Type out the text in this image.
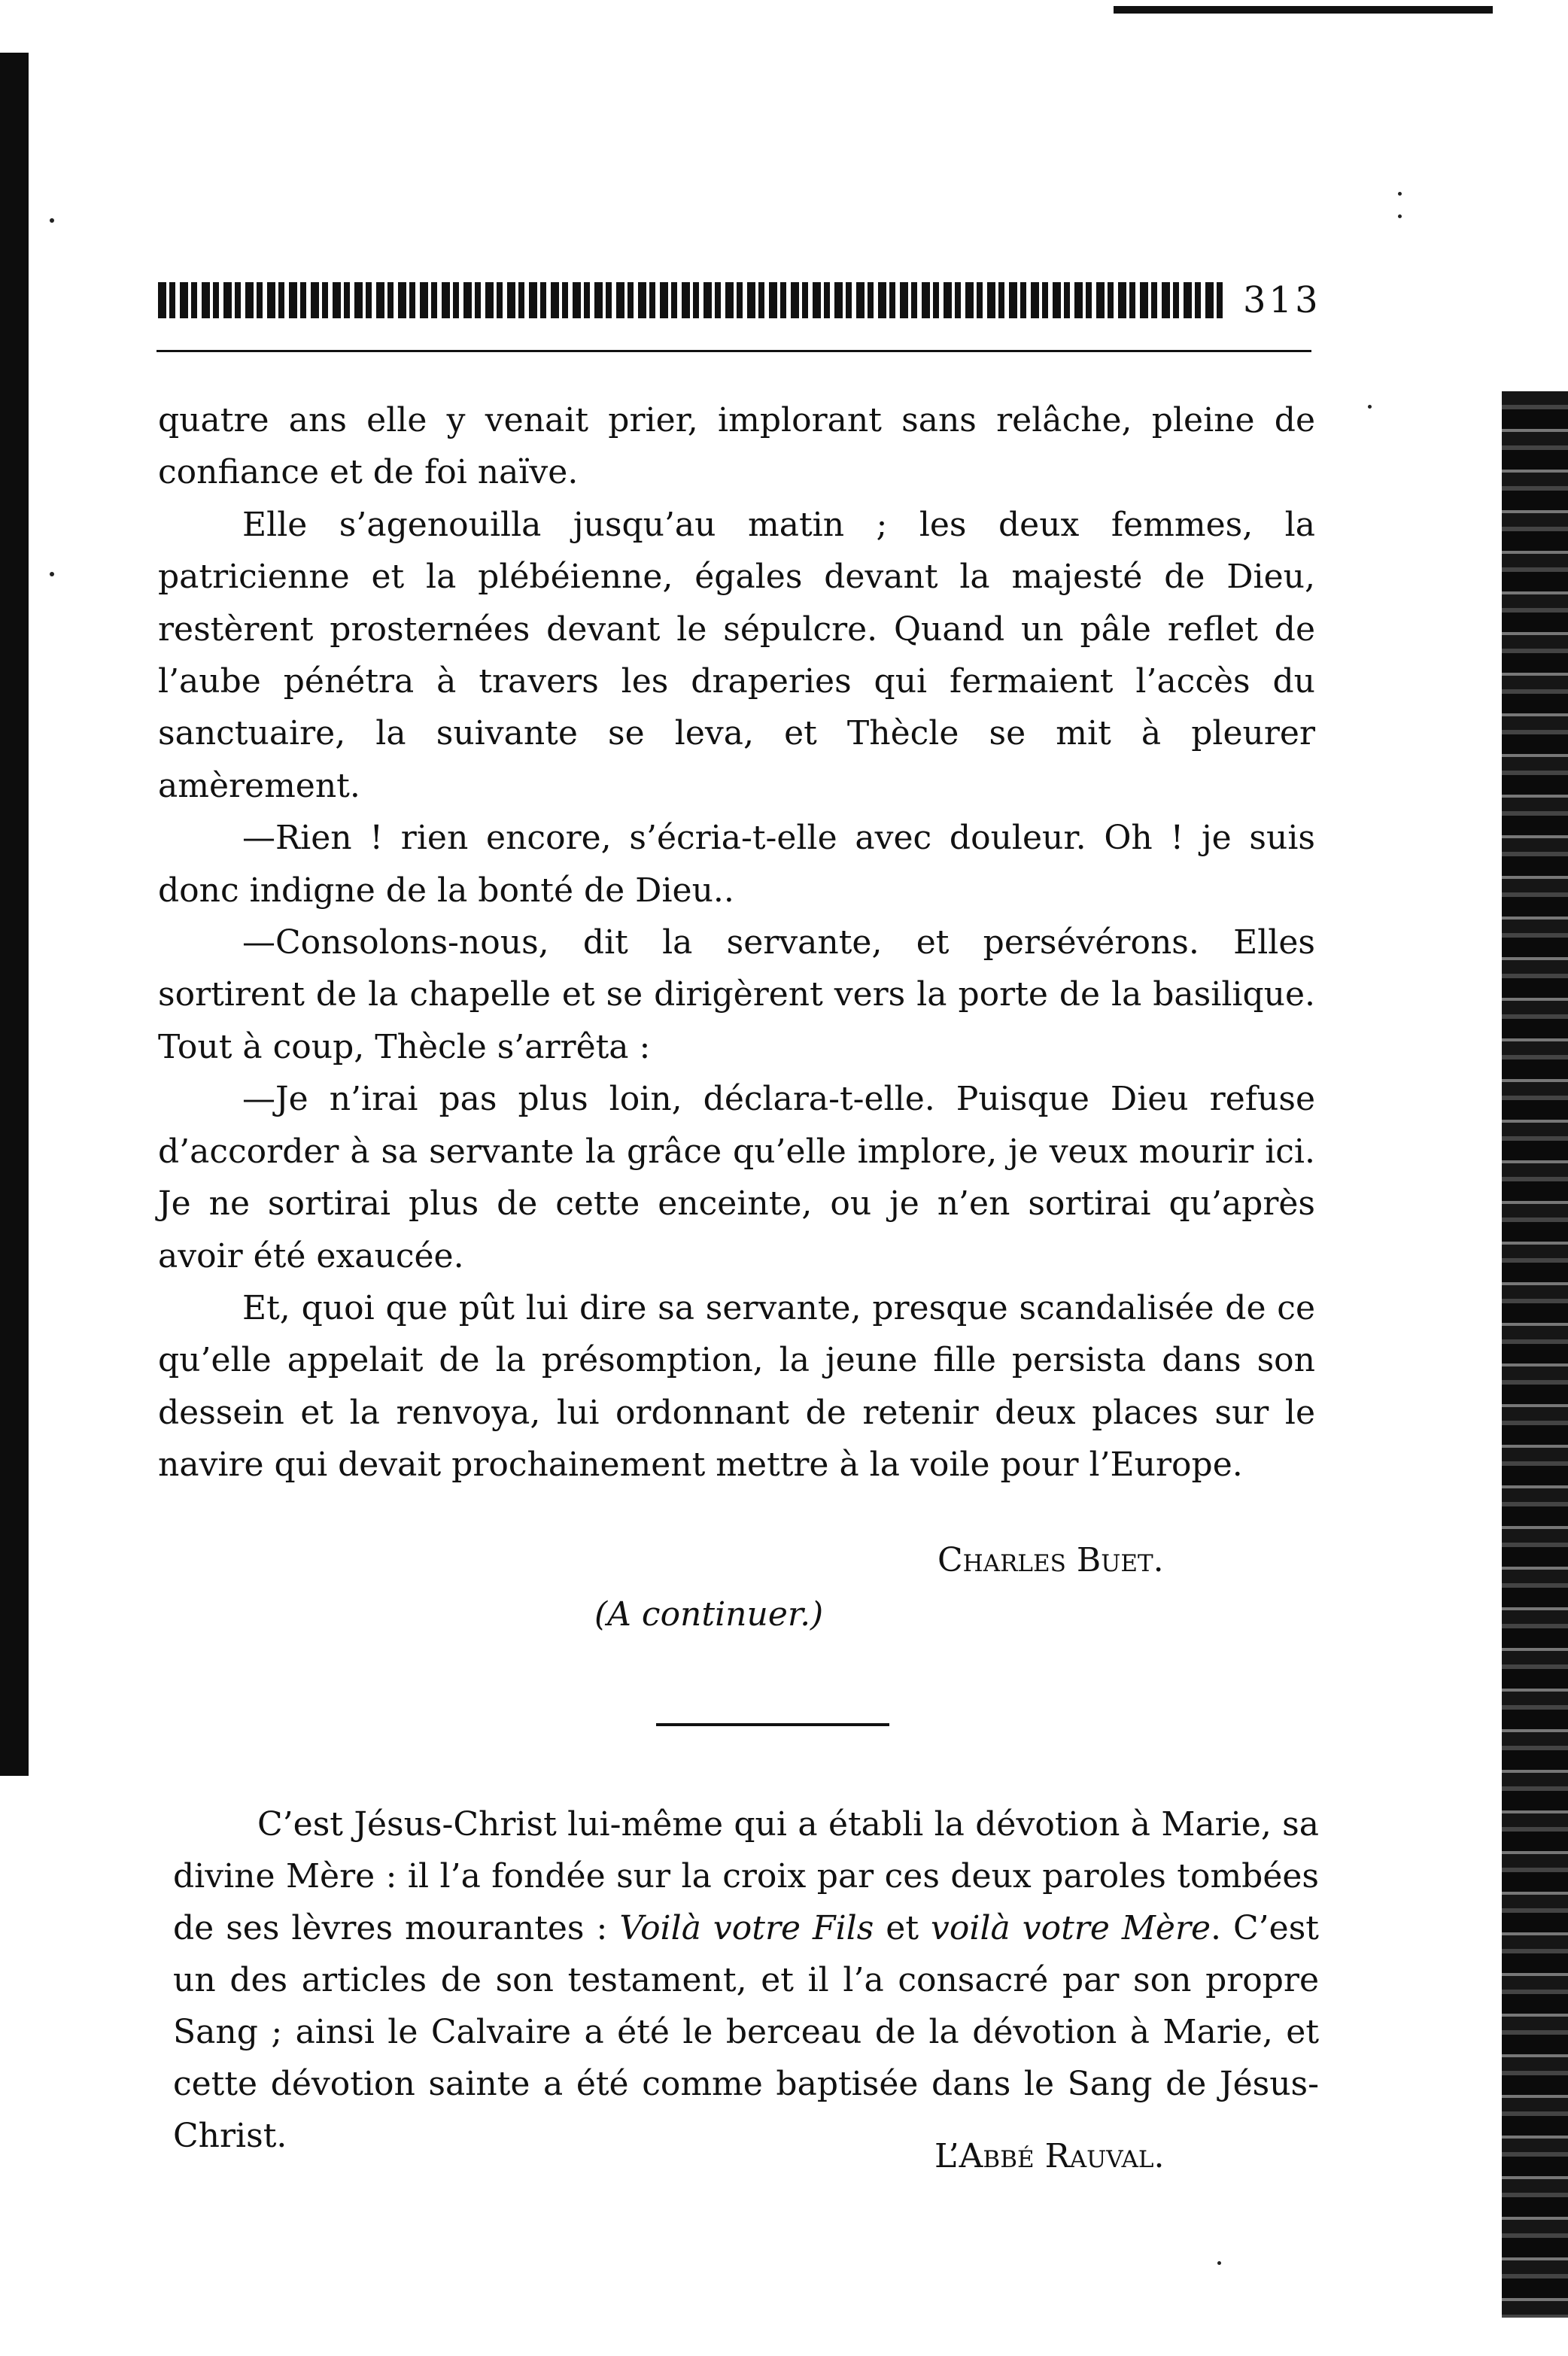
313

quatre ans elle y venait prier, implorant sans relâche, pleine de confiance et de foi naïve.

Elle s’agenouilla jusqu’au matin ; les deux femmes, la patricienne et la plébéienne, égales devant la majesté de Dieu, restèrent prosternées devant le sépulcre. Quand un pâle reflet de l’aube pénétra à travers les draperies qui fermaient l’accès du sanctuaire, la suivante se leva, et Thècle se mit à pleurer amèrement.

—Rien ! rien encore, s’écria-t-elle avec douleur. Oh ! je suis donc indigne de la bonté de Dieu..

—Consolons-nous, dit la servante, et persévérons. Elles sortirent de la chapelle et se dirigèrent vers la porte de la basilique. Tout à coup, Thècle s’arrêta :

—Je n’irai pas plus loin, déclara-t-elle. Puisque Dieu refuse d’accorder à sa servante la grâce qu’elle implore, je veux mourir ici. Je ne sortirai plus de cette enceinte, ou je n’en sortirai qu’après avoir été exaucée.

Et, quoi que pût lui dire sa servante, presque scandalisée de ce qu’elle appelait de la présomption, la jeune fille persista dans son dessein et la renvoya, lui ordonnant de retenir deux places sur le navire qui devait prochainement mettre à la voile pour l’Europe.

Charles Buet.
(A continuer.)

C’est Jésus-Christ lui-même qui a établi la dévotion à Marie, sa divine Mère : il l’a fondée sur la croix par ces deux paroles tombées de ses lèvres mourantes : Voilà votre Fils et voilà votre Mère. C’est un des articles de son testament, et il l’a consacré par son propre Sang ; ainsi le Calvaire a été le berceau de la dévotion à Marie, et cette dévotion sainte a été comme baptisée dans le Sang de Jésus-Christ.

L’Abbé Rauval.
